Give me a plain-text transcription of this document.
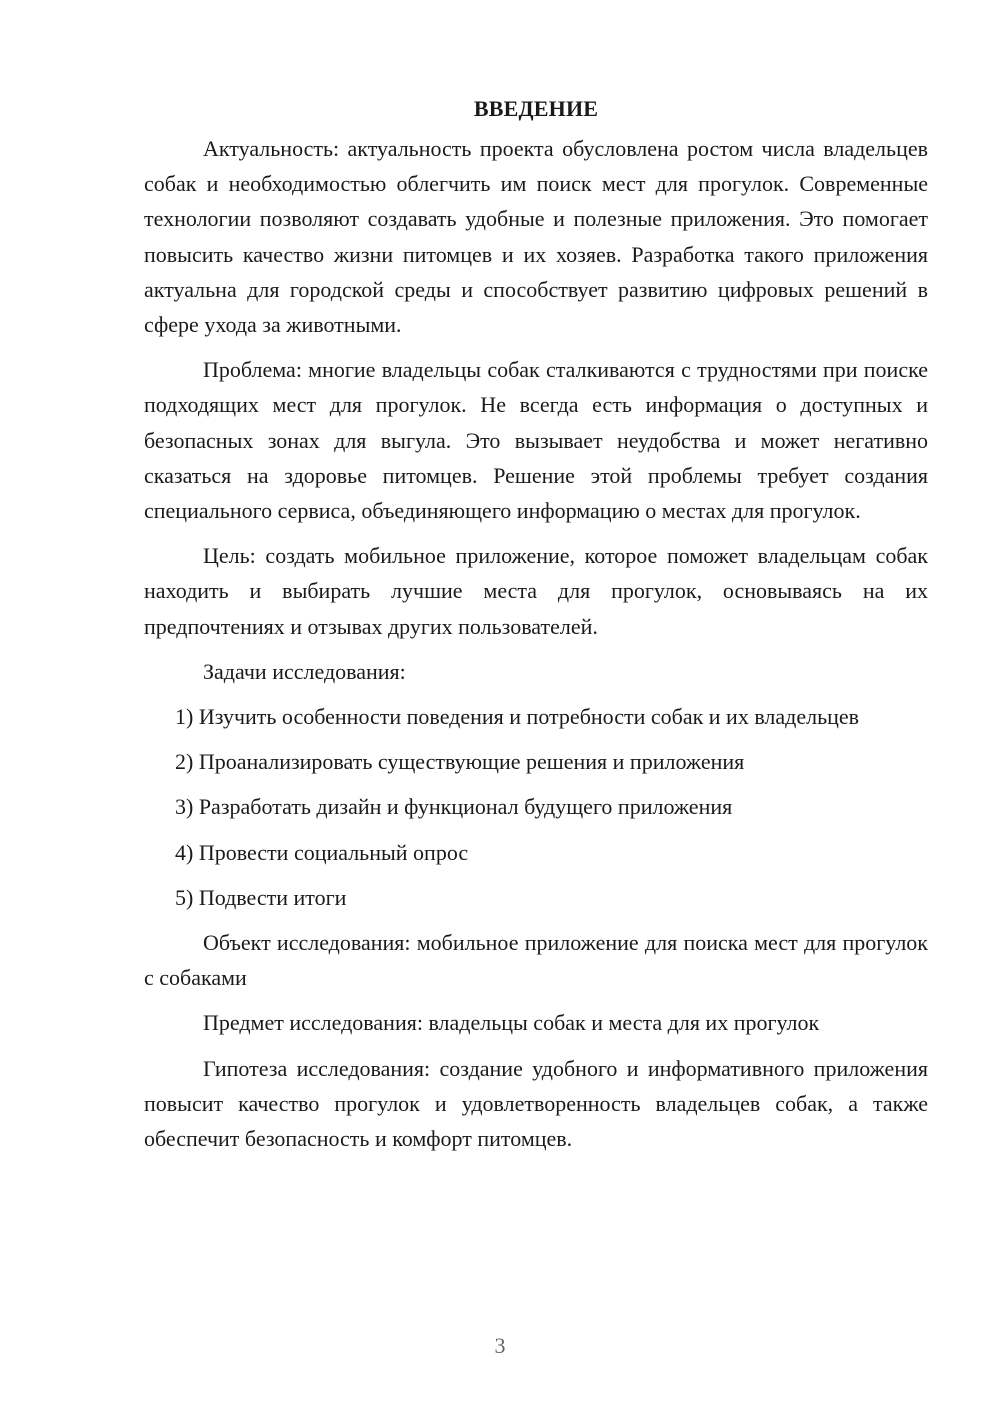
ВВЕДЕНИЕ

Актуальность: актуальность проекта обусловлена ростом числа владельцев собак и необходимостью облегчить им поиск мест для прогулок. Современные технологии позволяют создавать удобные и полезные приложения. Это помогает повысить качество жизни питомцев и их хозяев. Разработка такого приложения актуальна для городской среды и способствует развитию цифровых решений в сфере ухода за животными.

Проблема: многие владельцы собак сталкиваются с трудностями при поиске подходящих мест для прогулок. Не всегда есть информация о доступных и безопасных зонах для выгула. Это вызывает неудобства и может негативно сказаться на здоровье питомцев. Решение этой проблемы требует создания специального сервиса, объединяющего информацию о местах для прогулок.

Цель: создать мобильное приложение, которое поможет владельцам собак находить и выбирать лучшие места для прогулок, основываясь на их предпочтениях и отзывах других пользователей.

Задачи исследования:

1) Изучить особенности поведения и потребности собак и их владельцев

2) Проанализировать существующие решения и приложения

3) Разработать дизайн и функционал будущего приложения

4) Провести социальный опрос

5) Подвести итоги

Объект исследования: мобильное приложение для поиска мест для прогулок с собаками

Предмет исследования: владельцы собак и места для их прогулок

Гипотеза исследования: создание удобного и информативного приложения повысит качество прогулок и удовлетворенность владельцев собак, а также обеспечит безопасность и комфорт питомцев.

3
